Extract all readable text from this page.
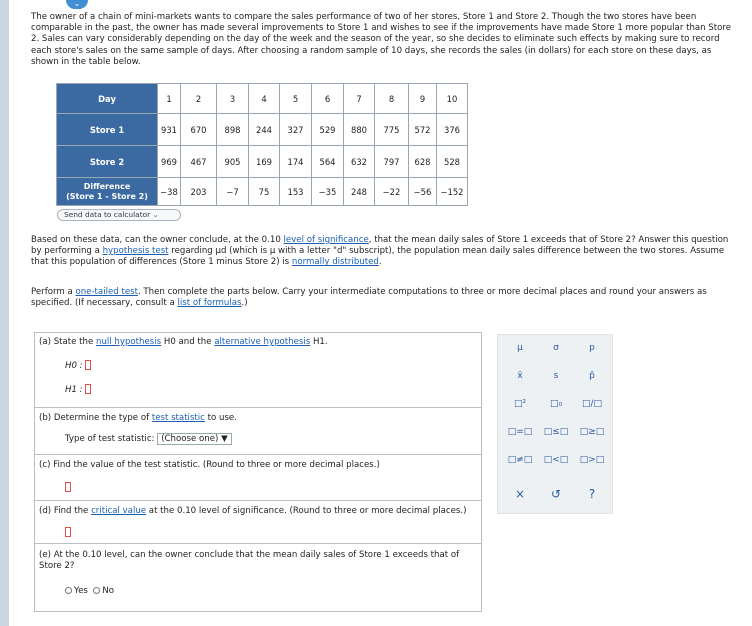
⌄

The owner of a chain of mini-markets wants to compare the sales performance of two of her stores, Store 1 and Store 2. Though the two stores have been comparable in the past, the owner has made several improvements to Store 1 and wishes to see if the improvements have made Store 1 more popular than Store 2. Sales can vary considerably depending on the day of the week and the season of the year, so she decides to eliminate such effects by making sure to record each store's sales on the same sample of days. After choosing a random sample of 10 days, she records the sales (in dollars) for each store on these days, as shown in the table below.

Day	1	2	3	4	5	6	7	8	9	10
Store 1	931	670	898	244	327	529	880	775	572	376
Store 2	969	467	905	169	174	564	632	797	628	528
Difference
(Store 1 - Store 2)	−38	203	−7	75	153	−35	248	−22	−56	−152
Send data to calculator ⌄

Based on these data, can the owner conclude, at the 0.10 level of significance, that the mean daily sales of Store 1 exceeds that of Store 2? Answer this question by performing a hypothesis test regarding μd (which is μ with a letter "d" subscript), the population mean daily sales difference between the two stores. Assume that this population of differences (Store 1 minus Store 2) is normally distributed.

Perform a one-tailed test. Then complete the parts below. Carry your intermediate computations to three or more decimal places and round your answers as specified. (If necessary, consult a list of formulas.)

(a) State the null hypothesis H0 and the alternative hypothesis H1.
H0 :
H1 :
(b) Determine the type of test statistic to use.
Type of test statistic: (Choose one) ▼
(c) Find the value of the test statistic. (Round to three or more decimal places.)
(d) Find the critical value at the 0.10 level of significance. (Round to three or more decimal places.)
(e) At the 0.10 level, can the owner conclude that the mean daily sales of Store 1 exceeds that of Store 2?
Yes No
μ	σ	p
x̄	s	p̂
□²	□₀	□/□
□=□	□≤□	□≥□
□≠□	□<□	□>□
×	↺	?
